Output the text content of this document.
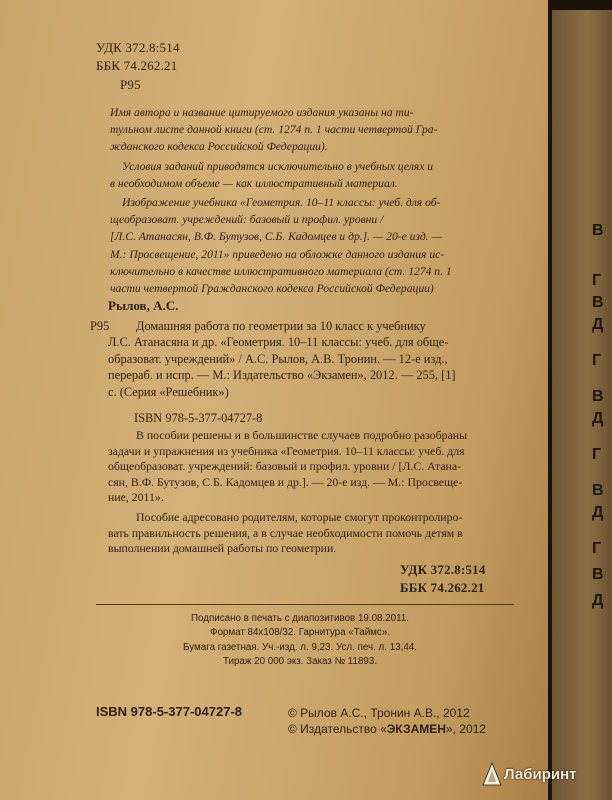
УДК 372.8:514
ББК 74.262.21
Р95
Имя автора и название цитируемого издания указаны на ти-
тульном листе данной книги (ст. 1274 п. 1 части четвертой Гра-
жданского кодекса Российской Федерации).
Условия заданий приводятся исключительно в учебных целях и
в необходимом объеме — как иллюстративный материал.
Изображение учебника «Геометрия. 10–11 классы: учеб. для об-
щеобразоват. учреждений: базовый и профил. уровни /
[Л.С. Атанасян, В.Ф. Бутузов, С.Б. Кадомцев и др.]. — 20-е изд. —
М.: Просвещение, 2011» приведено на обложке данного издания ис-
ключительно в качестве иллюстративного материала (ст. 1274 п. 1
части четвертой Гражданского кодекса Российской Федерации)
Рылов, А.С.
Р95	Домашняя работа по геометрии за 10 класс к учебнику
Л.С. Атанасяна и др. «Геометрия. 10–11 классы: учеб. для обще-
образоват. учреждений» / А.С. Рылов, А.В. Тронин. — 12-е изд.,
перераб. и испр. — М.: Издательство «Экзамен», 2012. — 255, [1]
с. (Серия «Решебник»)
ISBN 978-5-377-04727-8
В пособии решены и в большинстве случаев подробно разобраны
задачи и упражнения из учебника «Геометрия. 10–11 классы: учеб. для
общеобразоват. учреждений: базовый и профил. уровни / [Л.С. Атана-
сян, В.Ф. Бутузов, С.Б. Кадомцев и др.]. — 20-е изд. — М.: Просвеще-
ние, 2011».
Пособие адресовано родителям, которые смогут проконтролиро-
вать правильность решения, а в случае необходимости помочь детям в
выполнении домашней работы по геометрии.
УДК 372.8:514
ББК 74.262.21
Подписано в печать с диапозитивов 19.08.2011.
Формат 84х108/32. Гарнитура «Таймс».
Бумага газетная. Уч.-изд. л. 9,23. Усл. печ. л. 13,44.
Тираж 20 000 экз. Заказ № 11893.
ISBN 978-5-377-04727-8	© Рылов А.С., Тронин А.В., 2012
© Издательство «ЭКЗАМЕН», 2012
В
Г
В
Д
Г
В
Д
Г
В
Д
Г
В
Д
Лабиринт
